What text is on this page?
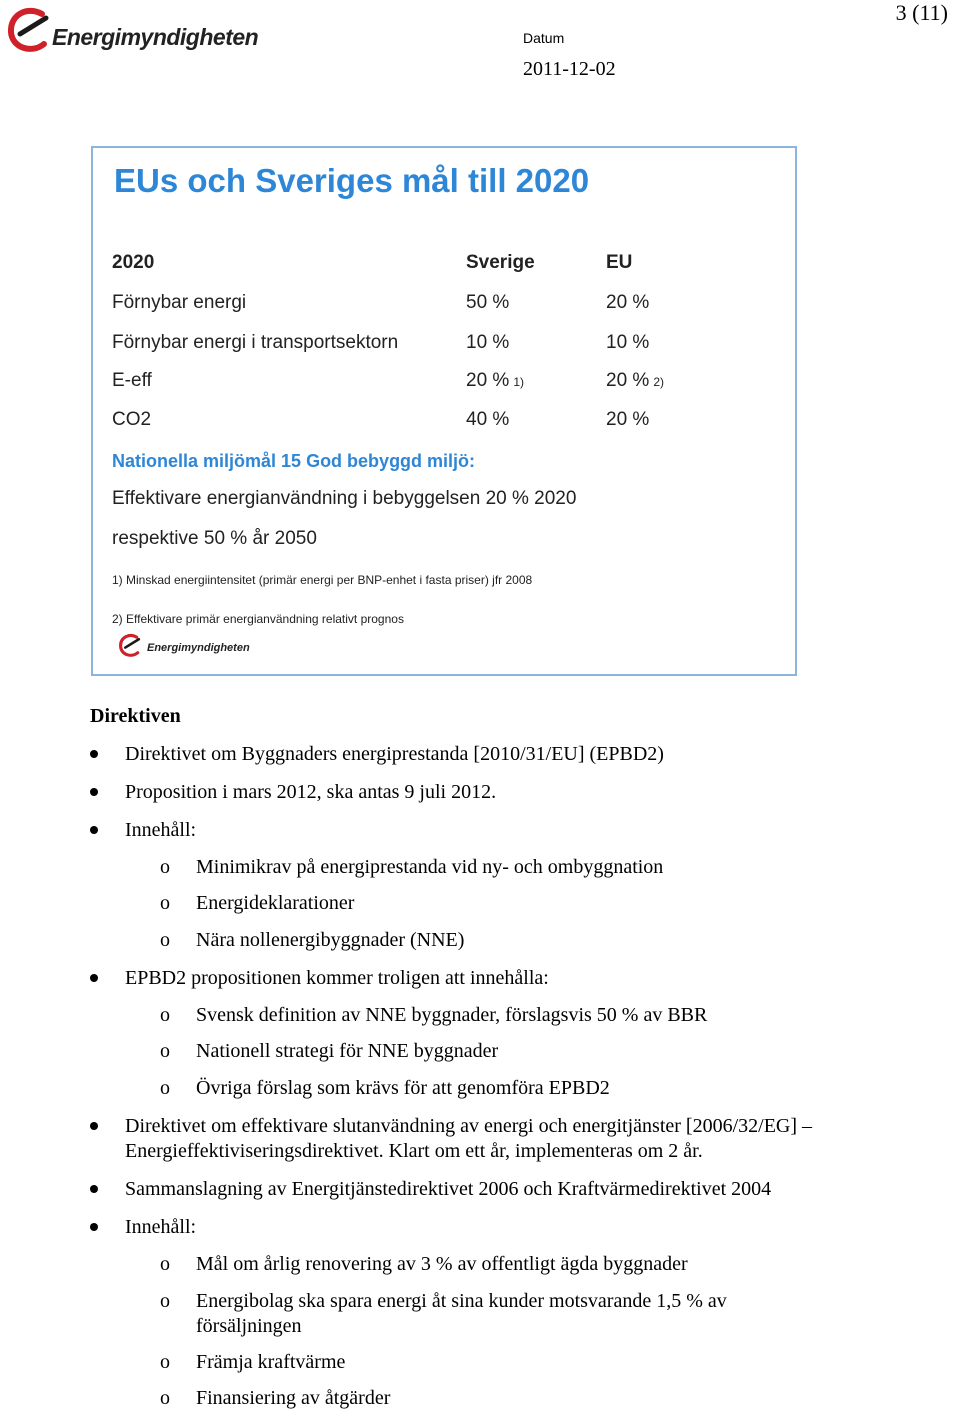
Energimyndigheten
3 (11)
Datum
2011-12-02
EUs och Sveriges mål till 2020
2020	Sverige	EU
Förnybar energi	50 %	20 %
Förnybar energi i transportsektorn	10 %	10 %
E-eff	20 % 1)	20 % 2)
CO2	40 %	20 %
Nationella miljömål 15 God bebyggd miljö:
Effektivare energianvändning i bebyggelsen 20 % 2020
respektive 50 % år 2050
1) Minskad energiintensitet (primär energi per BNP-enhet i fasta priser) jfr 2008
2) Effektivare primär energianvändning relativt prognos
Energimyndigheten
Direktiven
Direktivet om Byggnaders energiprestanda [2010/31/EU] (EPBD2)
Proposition i mars 2012, ska antas 9 juli 2012.
Innehåll:
o Minimikrav på energiprestanda vid ny- och ombyggnation
o Energideklarationer
o Nära nollenergibyggnader (NNE)
EPBD2 propositionen kommer troligen att innehålla:
o Svensk definition av NNE byggnader, förslagsvis 50 % av BBR
o Nationell strategi för NNE byggnader
o Övriga förslag som krävs för att genomföra EPBD2
Direktivet om effektivare slutanvändning av energi och energitjänster [2006/32/EG] –
Energieffektiviseringsdirektivet. Klart om ett år, implementeras om 2 år.
Sammanslagning av Energitjänstedirektivet 2006 och Kraftvärmedirektivet 2004
Innehåll:
o Mål om årlig renovering av 3 % av offentligt ägda byggnader
o Energibolag ska spara energi åt sina kunder motsvarande 1,5 % av
försäljningen
o Främja kraftvärme
o Finansiering av åtgärder
